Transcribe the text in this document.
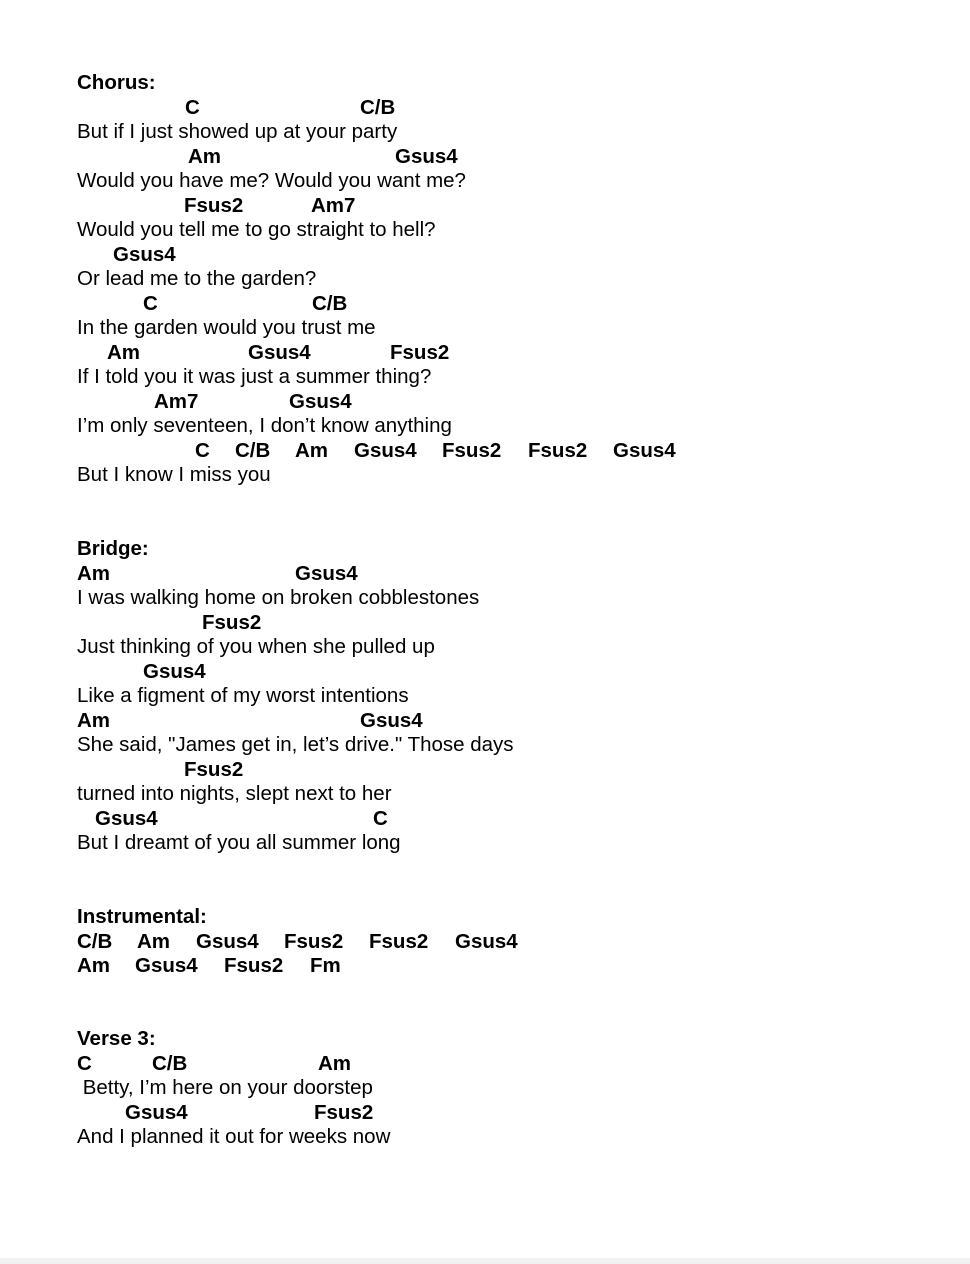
Chorus:

C

	C/B

But if I just showed up at your party

Am

	Gsus4

Would you have me? Would you want me?

Fsus2

	Am7

Would you tell me to go straight to hell?

Gsus4

Or lead me to the garden?

C

	C/B

In the garden would you trust me

Am

	Gsus4

	Fsus2

If I told you it was just a summer thing?

Am7

	Gsus4

I’m only seventeen, I don’t know anything

C

C/B

Am

Gsus4

Fsus2

Fsus2

Gsus4

But I know I miss you
Bridge:

Am

	Gsus4

I was walking home on broken cobblestones

Fsus2

Just thinking of you when she pulled up

Gsus4

Like a figment of my worst intentions

Am

	Gsus4

She said, "James get in, let’s drive." Those days

Fsus2

turned into nights, slept next to her

Gsus4

	C

But I dreamt of you all summer long
Instrumental:

C/B

Am

Gsus4

Fsus2

Fsus2

Gsus4

Am

Gsus4

Fsus2

Fm

Verse 3:

C

	C/B

	Am

Betty, I’m here on your doorstep

Gsus4

	Fsus2

And I planned it out for weeks now
